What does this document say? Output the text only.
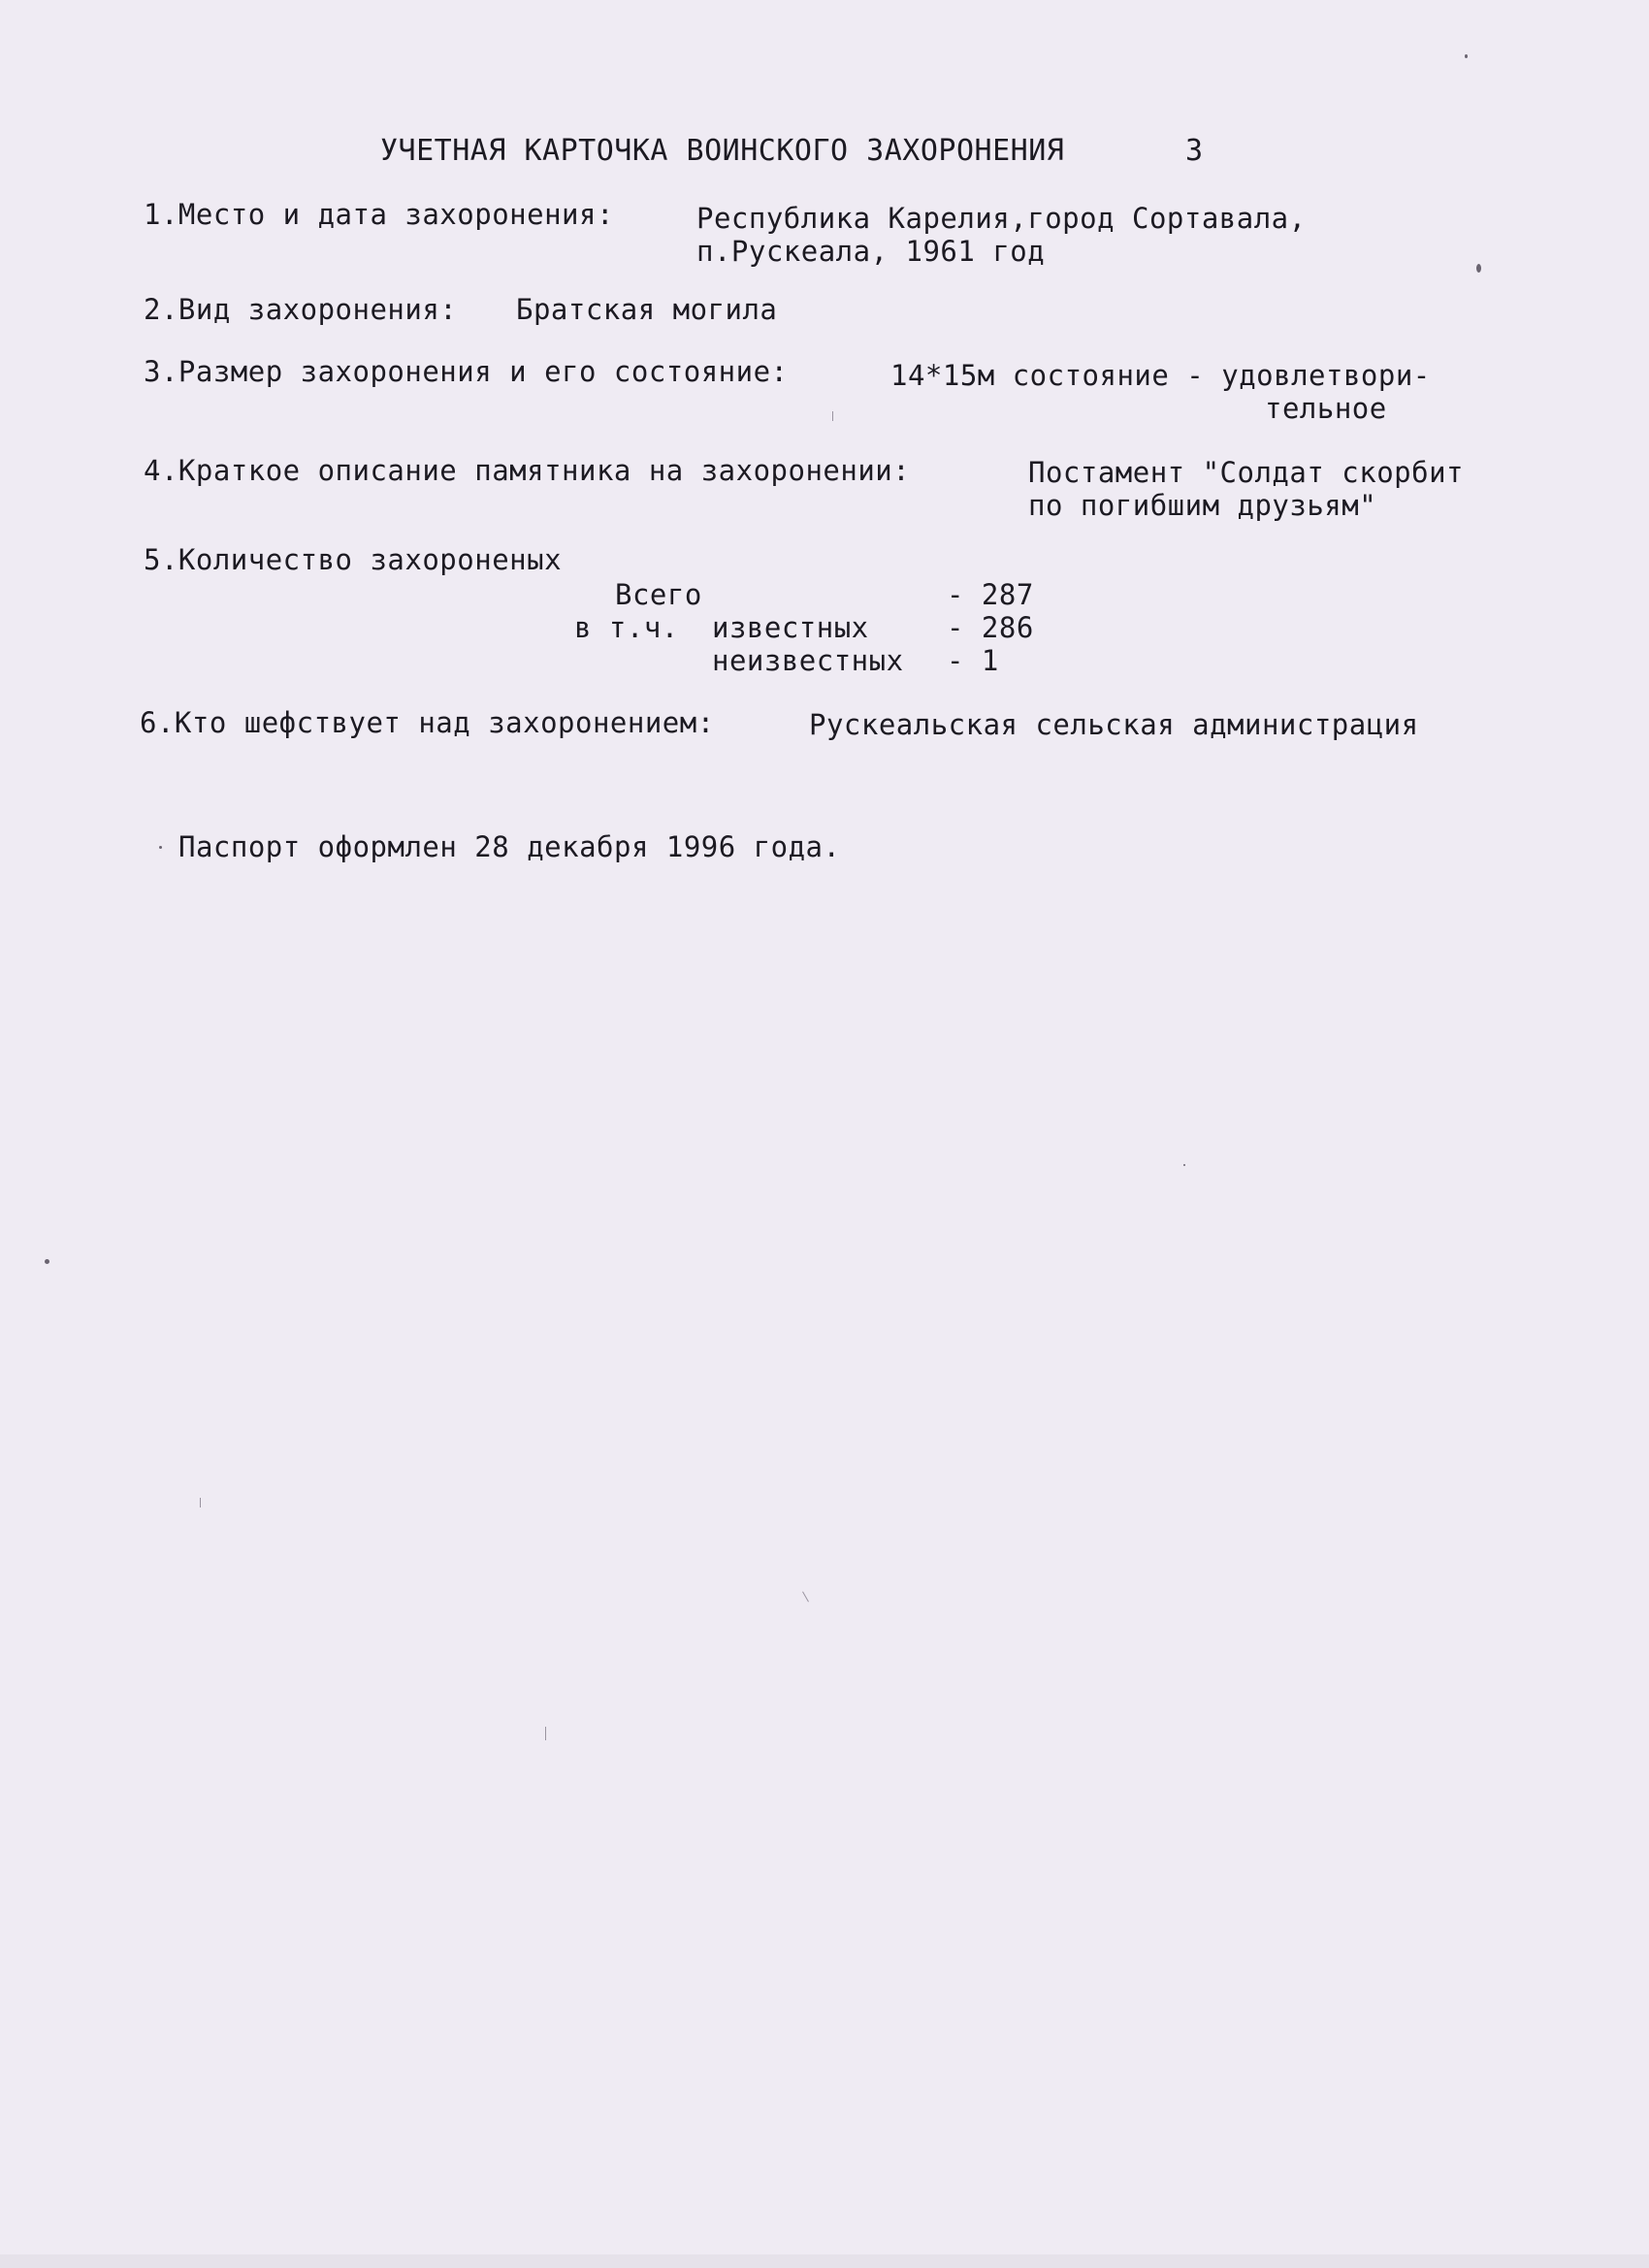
УЧЕТНАЯ КАРТОЧКА ВОИНСКОГО ЗАХОРОНЕНИЯ	3
1.Место и дата захоронения:	Республика Карелия,город Сортавала,
п.Рускеала, 1961 год
2.Вид захоронения: Братская могила
3.Размер захоронения и его состояние:	14*15м состояние - удовлетвори-
тельное
4.Краткое описание памятника на захоронении:	Постамент "Солдат скорбит
по погибшим друзьям"
5.Количество захороненых
Всего	- 287
в т.ч. известных	- 286
неизвестных - 1
6.Кто шефствует над захоронением:	Рускеальская сельская администрация
Паспорт оформлен 28 декабря 1996 года.
